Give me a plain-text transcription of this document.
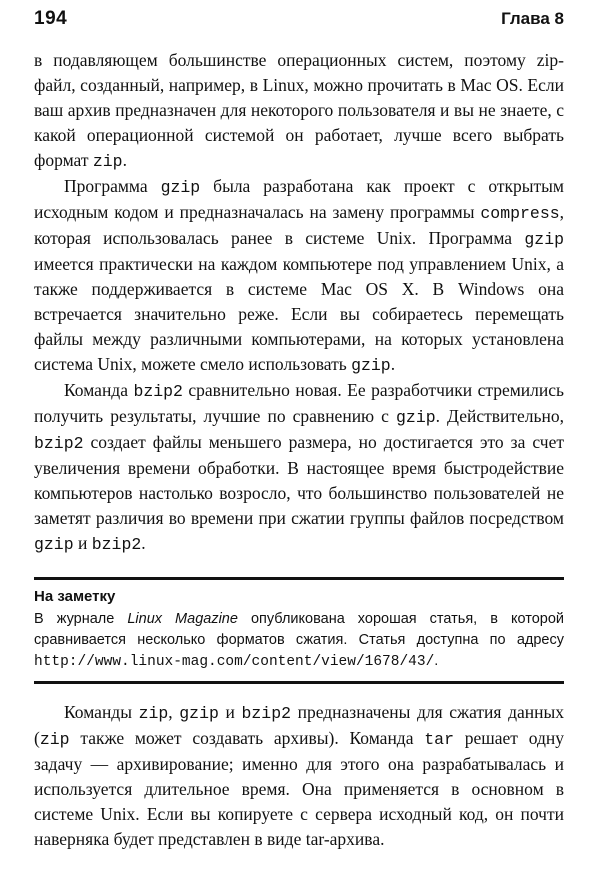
194	Глава 8

в подавляющем большинстве операционных систем, поэтому zip-файл, созданный, например, в Linux, можно прочитать в Mac OS. Если ваш архив предназначен для некоторого пользователя и вы не знаете, с какой операционной системой он работает, лучше всего выбрать формат zip.

Программа gzip была разработана как проект с открытым исходным кодом и предназначалась на замену программы compress, которая использовалась ранее в системе Unix. Программа gzip имеется практически на каждом компьютере под управлением Unix, а также поддерживается в системе Mac OS X. В Windows она встречается значительно реже. Если вы собираетесь перемещать файлы между различными компьютерами, на которых установлена система Unix, можете смело использовать gzip.

Команда bzip2 сравнительно новая. Ее разработчики стремились получить результаты, лучшие по сравнению с gzip. Действительно, bzip2 создает файлы меньшего размера, но достигается это за счет увеличения времени обработки. В настоящее время быстродействие компьютеров настолько возросло, что большинство пользователей не заметят различия во времени при сжатии группы файлов посредством gzip и bzip2.

На заметку
В журнале Linux Magazine опубликована хорошая статья, в которой сравнивается несколько форматов сжатия. Статья доступна по адресу http://www.linux-mag.com/content/view/1678/43/.

Команды zip, gzip и bzip2 предназначены для сжатия данных (zip также может создавать архивы). Команда tar решает одну задачу — архивирование; именно для этого она разрабатывалась и используется длительное время. Она применяется в основном в системе Unix. Если вы копируете с сервера исходный код, он почти наверняка будет представлен в виде tar-архива.
